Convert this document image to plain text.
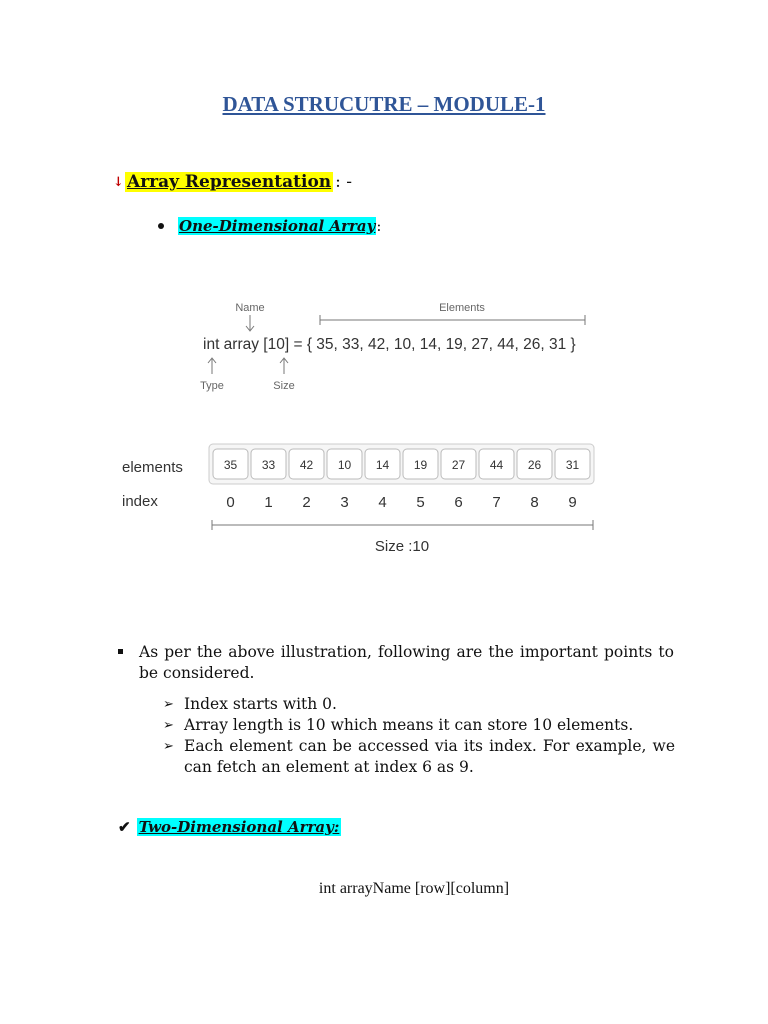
DATA STRUCUTRE – MODULE-1
↓ Array Representation : -
One-Dimensional Array :
Name	Elements
Type	Size
int array [10] = { 35, 33, 42, 10, 14, 19, 27, 44, 26, 31 }
elements
index
35 33 42 10 14 19 27 44 26 31
0 1 2 3 4 5 6 7 8 9
Size :10
As per the above illustration, following are the important points to be considered.
➢ Index starts with 0.
➢ Array length is 10 which means it can store 10 elements.
➢ Each element can be accessed via its index. For example, we can fetch an element at index 6 as 9.
✔ Two-Dimensional Array:
int arrayName [row][column]
